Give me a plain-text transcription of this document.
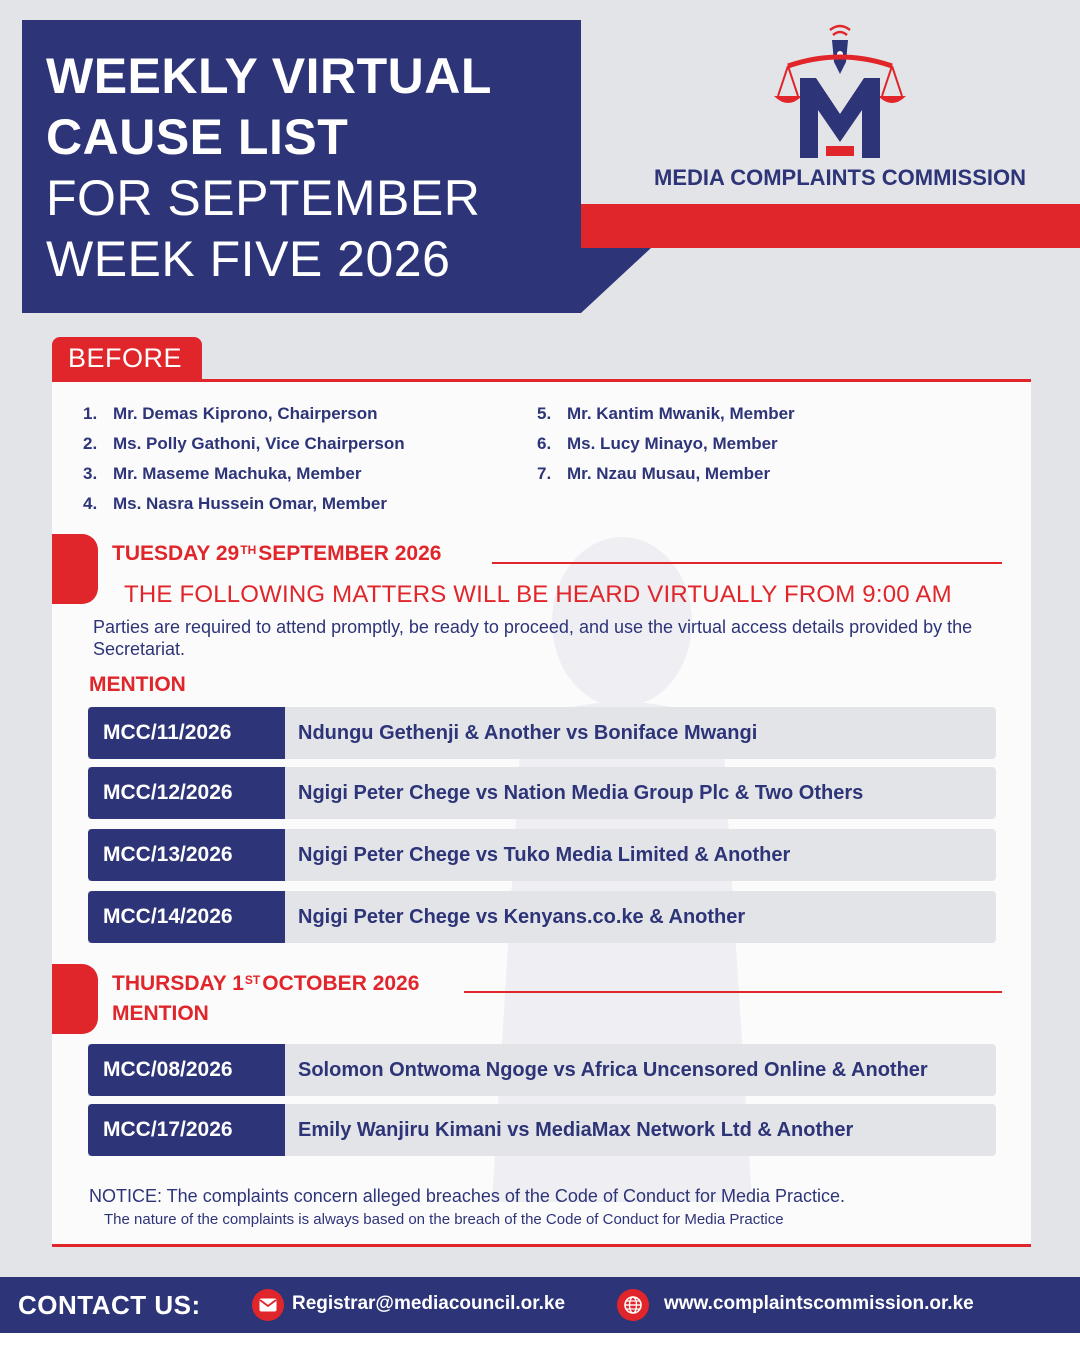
WEEKLY VIRTUAL
CAUSE LIST
FOR SEPTEMBER
WEEK FIVE 2026
MEDIA COMPLAINTS COMMISSION
BEFORE
1. Mr. Demas Kiprono, Chairperson
2. Ms. Polly Gathoni, Vice Chairperson
3. Mr. Maseme Machuka, Member
4. Ms. Nasra Hussein Omar, Member
5. Mr. Kantim Mwanik, Member
6. Ms. Lucy Minayo, Member
7. Mr. Nzau Musau, Member
TUESDAY 29TH SEPTEMBER 2026
THE FOLLOWING MATTERS WILL BE HEARD VIRTUALLY FROM 9:00 AM
Parties are required to attend promptly, be ready to proceed, and use the virtual access details provided by the Secretariat.
MENTION
MCC/11/2026	Ndungu Gethenji & Another vs Boniface Mwangi
MCC/12/2026	Ngigi Peter Chege vs Nation Media Group Plc & Two Others
MCC/13/2026	Ngigi Peter Chege vs Tuko Media Limited & Another
MCC/14/2026	Ngigi Peter Chege vs Kenyans.co.ke & Another
THURSDAY 1ST OCTOBER 2026
MENTION
MCC/08/2026	Solomon Ontwoma Ngoge vs Africa Uncensored Online & Another
MCC/17/2026	Emily Wanjiru Kimani vs MediaMax Network Ltd & Another
NOTICE: The complaints concern alleged breaches of the Code of Conduct for Media Practice.
The nature of the complaints is always based on the breach of the Code of Conduct for Media Practice
CONTACT US:	Registrar@mediacouncil.or.ke	www.complaintscommission.or.ke
